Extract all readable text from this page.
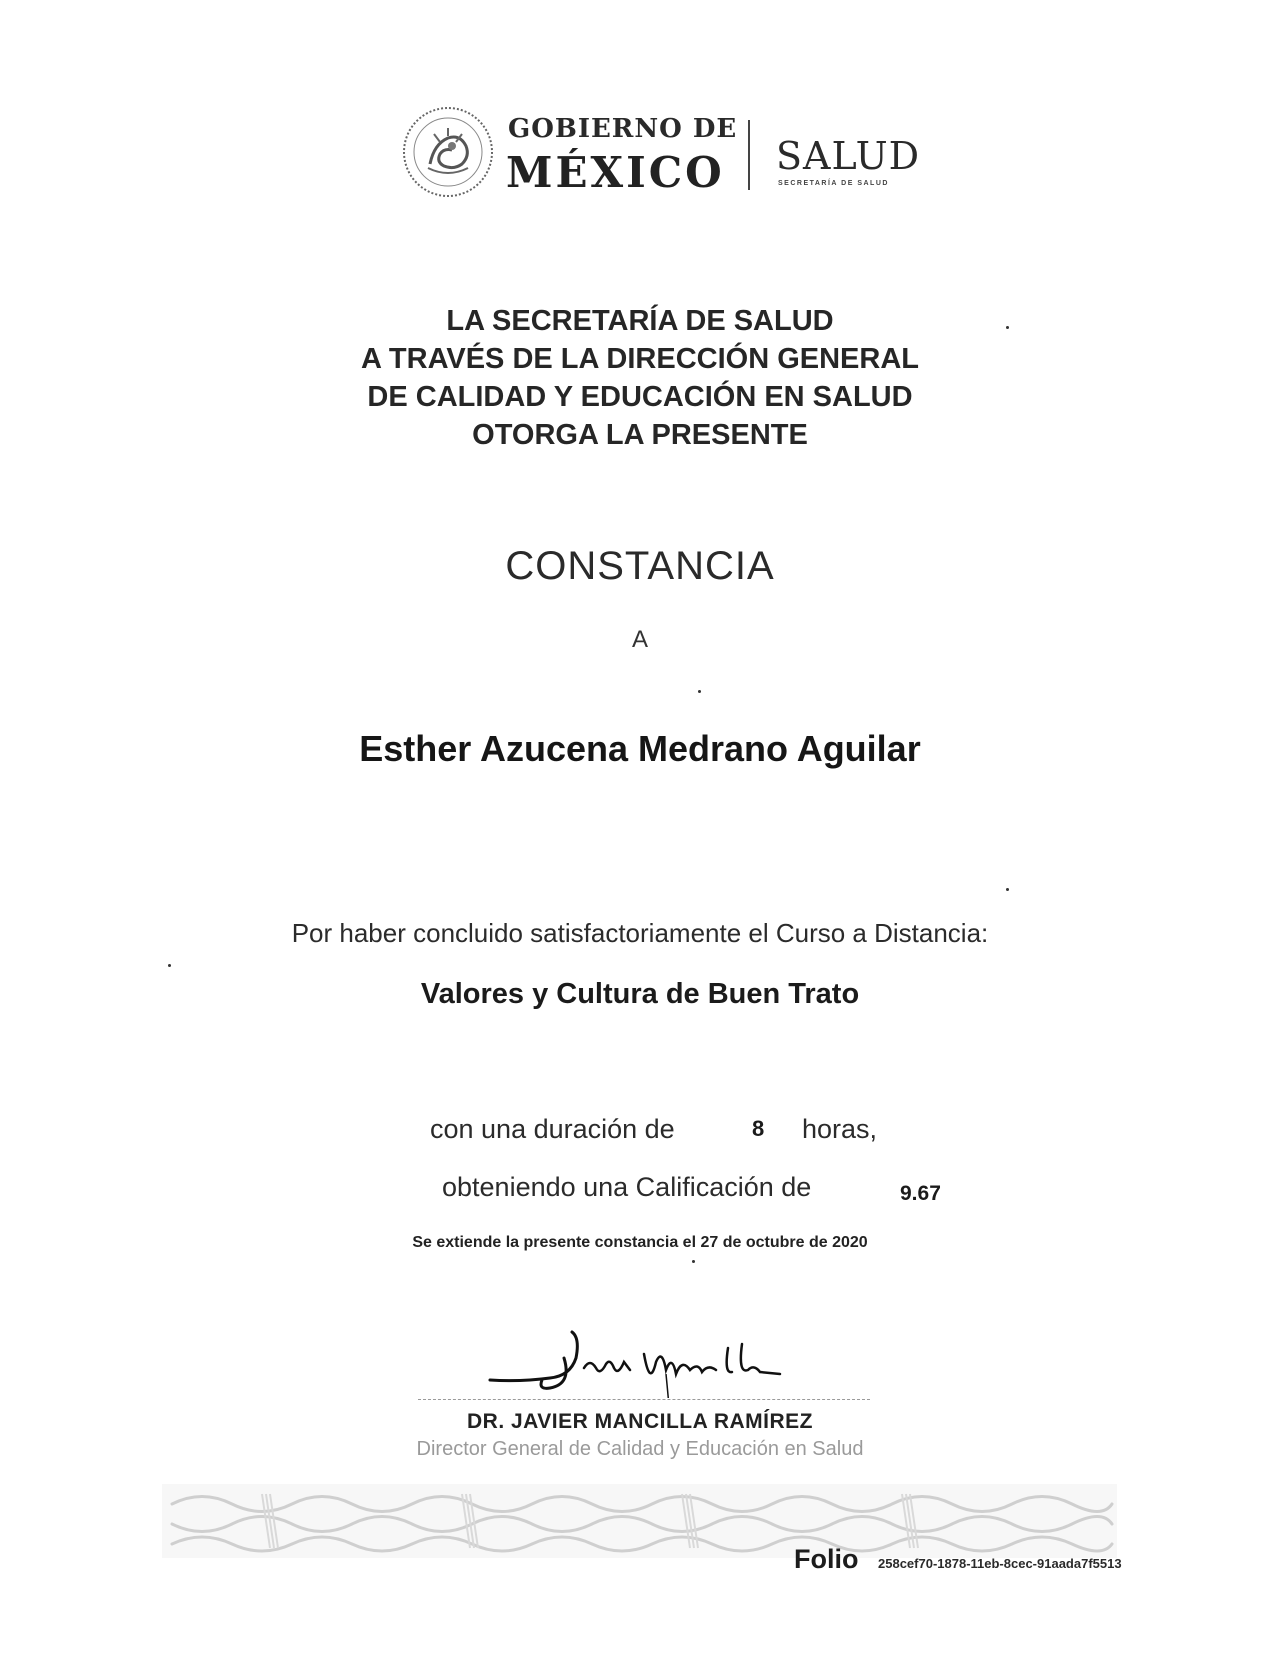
GOBIERNO DE
MÉXICO SALUD
SECRETARÍA DE SALUD
LA SECRETARÍA DE SALUD
A TRAVÉS DE LA DIRECCIÓN GENERAL
DE CALIDAD Y EDUCACIÓN EN SALUD
OTORGA LA PRESENTE
CONSTANCIA
A
Esther Azucena Medrano Aguilar
Por haber concluido satisfactoriamente el Curso a Distancia:
Valores y Cultura de Buen Trato
con una duración de	8 horas,
obteniendo una Calificación de	9.67
Se extiende la presente constancia el 27 de octubre de 2020
DR. JAVIER MANCILLA RAMÍREZ
Director General de Calidad y Educación en Salud
Folio 258cef70-1878-11eb-8cec-91aada7f5513
